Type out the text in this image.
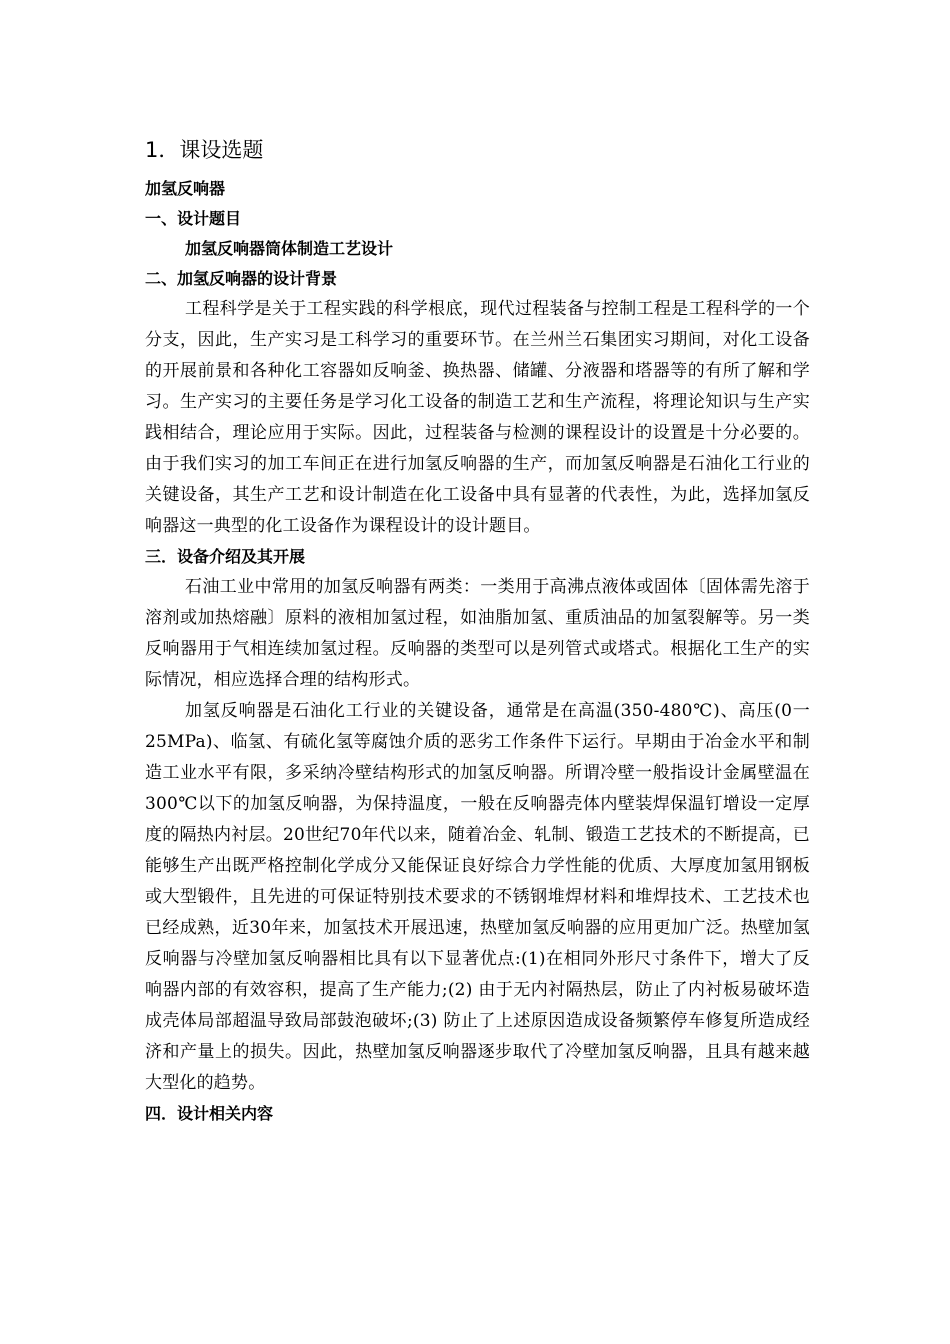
1．课设选题
加氢反响器
一、设计题目
加氢反响器筒体制造工艺设计
二、加氢反响器的设计背景

工程科学是关于工程实践的科学根底，现代过程装备与控制工程是工程科学的一个分支，因此，生产实习是工科学习的重要环节。在兰州兰石集团实习期间，对化工设备的开展前景和各种化工容器如反响釜、换热器、储罐、分液器和塔器等的有所了解和学习。生产实习的主要任务是学习化工设备的制造工艺和生产流程，将理论知识与生产实践相结合，理论应用于实际。因此，过程装备与检测的课程设计的设置是十分必要的。由于我们实习的加工车间正在进行加氢反响器的生产，而加氢反响器是石油化工行业的关键设备，其生产工艺和设计制造在化工设备中具有显著的代表性，为此，选择加氢反响器这一典型的化工设备作为课程设计的设计题目。

三．设备介绍及其开展

石油工业中常用的加氢反响器有两类：一类用于高沸点液体或固体〔固体需先溶于溶剂或加热熔融〕原料的液相加氢过程，如油脂加氢、重质油品的加氢裂解等。另一类反响器用于气相连续加氢过程。反响器的类型可以是列管式或塔式。根据化工生产的实际情况，相应选择合理的结构形式。

加氢反响器是石油化工行业的关键设备，通常是在高温(350-480℃)、高压(0一25MPa)、临氢、有硫化氢等腐蚀介质的恶劣工作条件下运行。早期由于冶金水平和制造工业水平有限，多采纳冷壁结构形式的加氢反响器。所谓冷壁一般指设计金属壁温在300℃以下的加氢反响器，为保持温度，一般在反响器壳体内壁装焊保温钉增设一定厚度的隔热内衬层。20世纪70年代以来，随着冶金、轧制、锻造工艺技术的不断提高，已能够生产出既严格控制化学成分又能保证良好综合力学性能的优质、大厚度加氢用钢板或大型锻件，且先进的可保证特别技术要求的不锈钢堆焊材料和堆焊技术、工艺技术也已经成熟，近30年来，加氢技术开展迅速，热壁加氢反响器的应用更加广泛。热壁加氢反响器与冷壁加氢反响器相比具有以下显著优点:(1)在相同外形尺寸条件下，增大了反响器内部的有效容积，提高了生产能力;(2) 由于无内衬隔热层，防止了内衬板易破坏造成壳体局部超温导致局部鼓泡破坏;(3) 防止了上述原因造成设备频繁停车修复所造成经济和产量上的损失。因此，热壁加氢反响器逐步取代了冷壁加氢反响器，且具有越来越大型化的趋势。

四．设计相关内容
